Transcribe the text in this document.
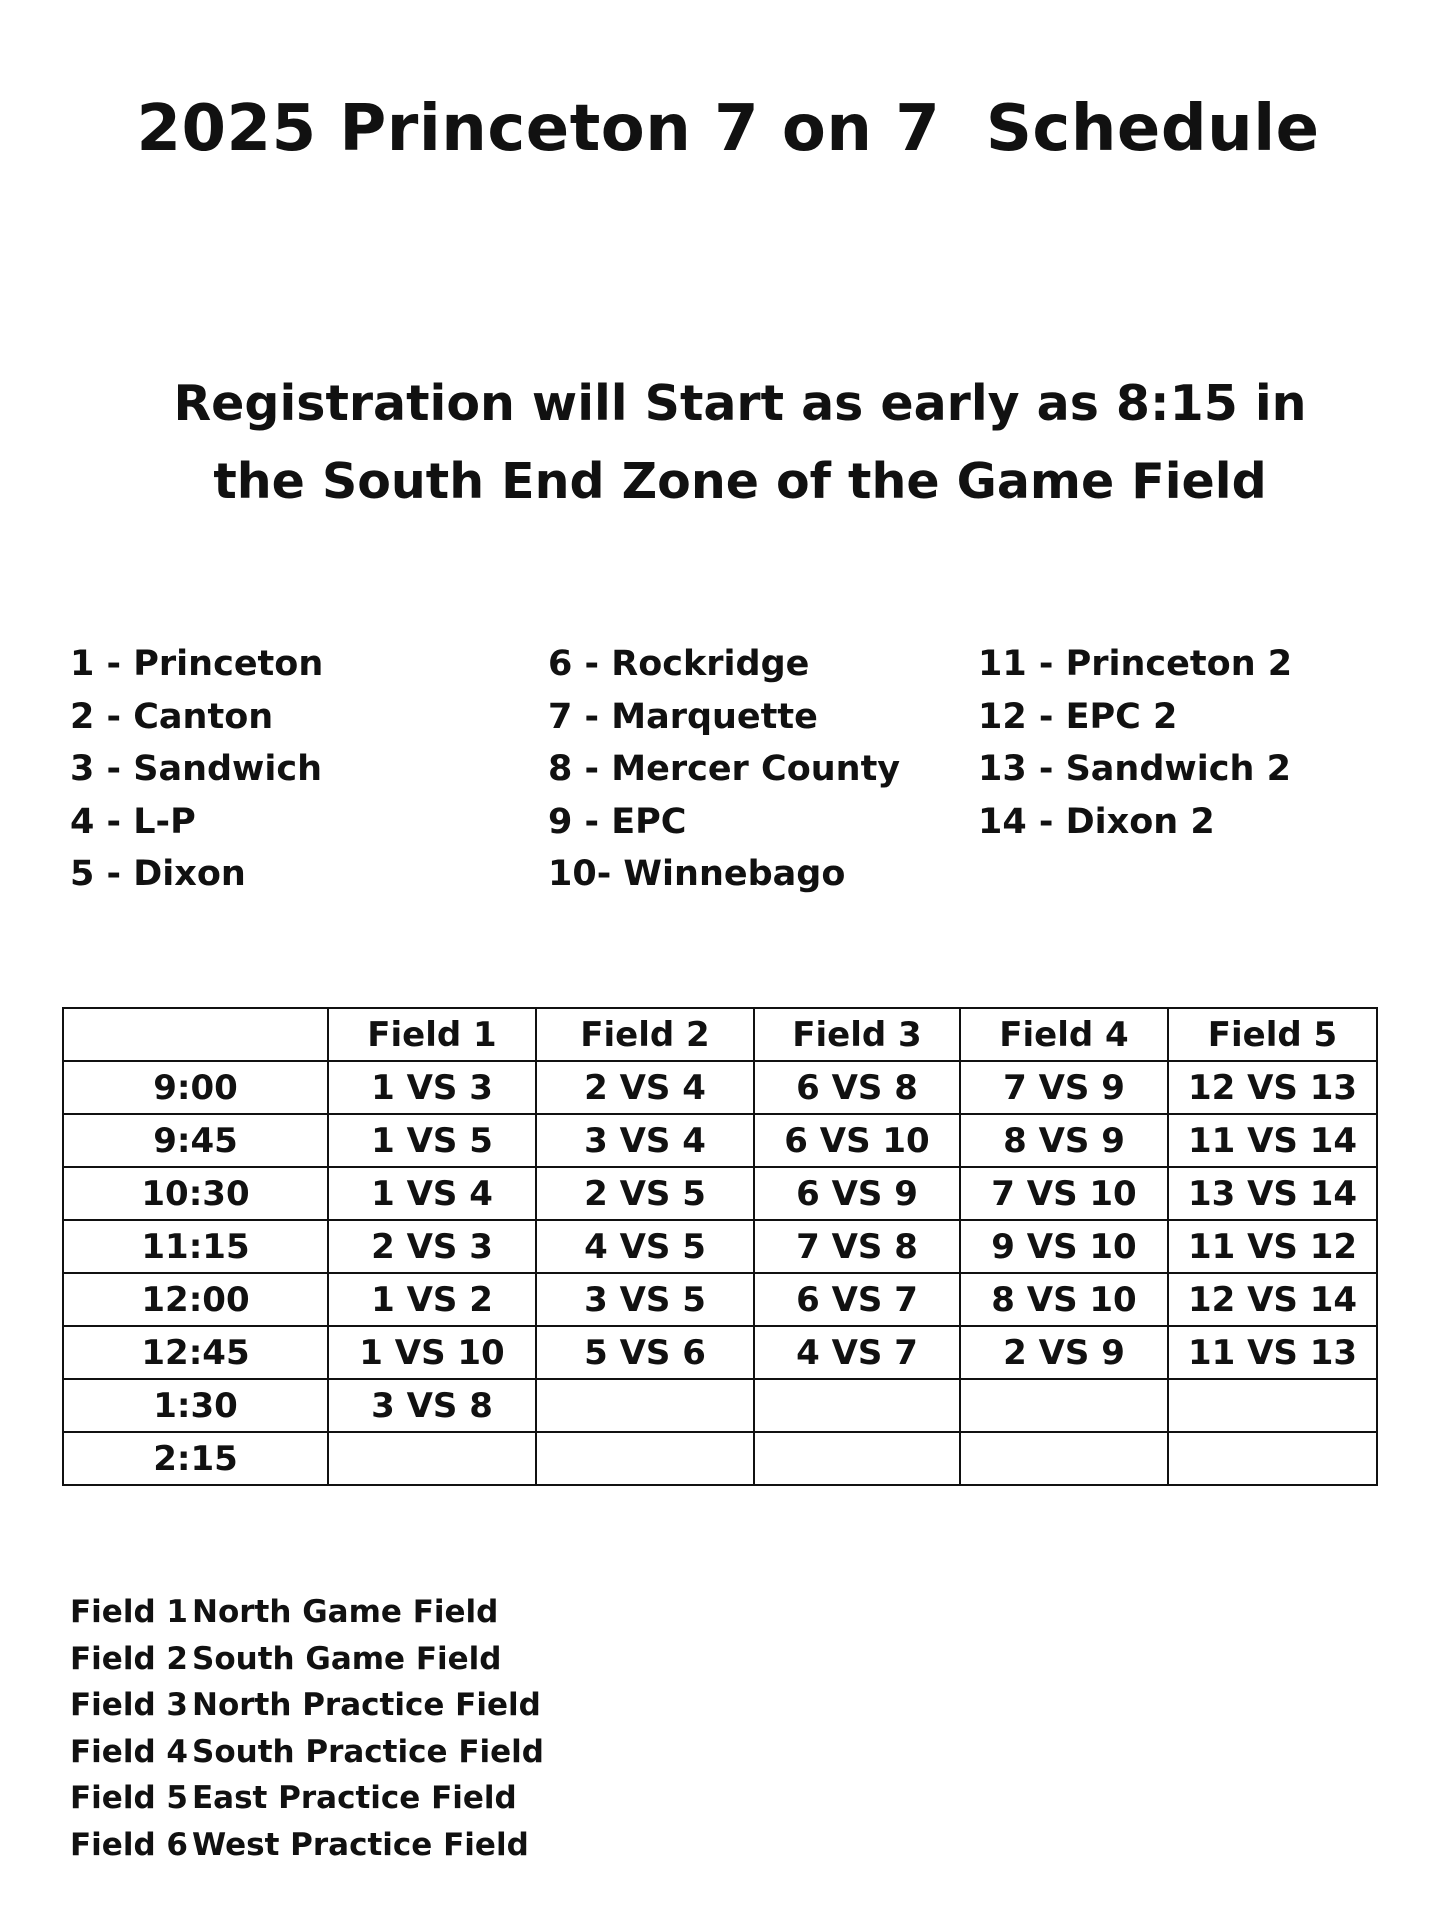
2025 Princeton 7 on 7  Schedule
Registration will Start as early as 8:15 in
the South End Zone of the Game Field
1 - Princeton
2 - Canton
3 - Sandwich
4 - L-P
5 - Dixon
6 - Rockridge
7 - Marquette
8 - Mercer County
9 - EPC
10- Winnebago
11 - Princeton 2
12 - EPC 2
13 - Sandwich 2
14 - Dixon 2
	Field 1	Field 2	Field 3	Field 4	Field 5
9:00	1 VS 3	2 VS 4	6 VS 8	7 VS 9	12 VS 13
9:45	1 VS 5	3 VS 4	6 VS 10	8 VS 9	11 VS 14
10:30	1 VS 4	2 VS 5	6 VS 9	7 VS 10	13 VS 14
11:15	2 VS 3	4 VS 5	7 VS 8	9 VS 10	11 VS 12
12:00	1 VS 2	3 VS 5	6 VS 7	8 VS 10	12 VS 14
12:45	1 VS 10	5 VS 6	4 VS 7	2 VS 9	11 VS 13
1:30	3 VS 8				
2:15					
Field 1 North Game Field
Field 2 South Game Field
Field 3 North Practice Field
Field 4 South Practice Field
Field 5 East Practice Field
Field 6 West Practice Field
